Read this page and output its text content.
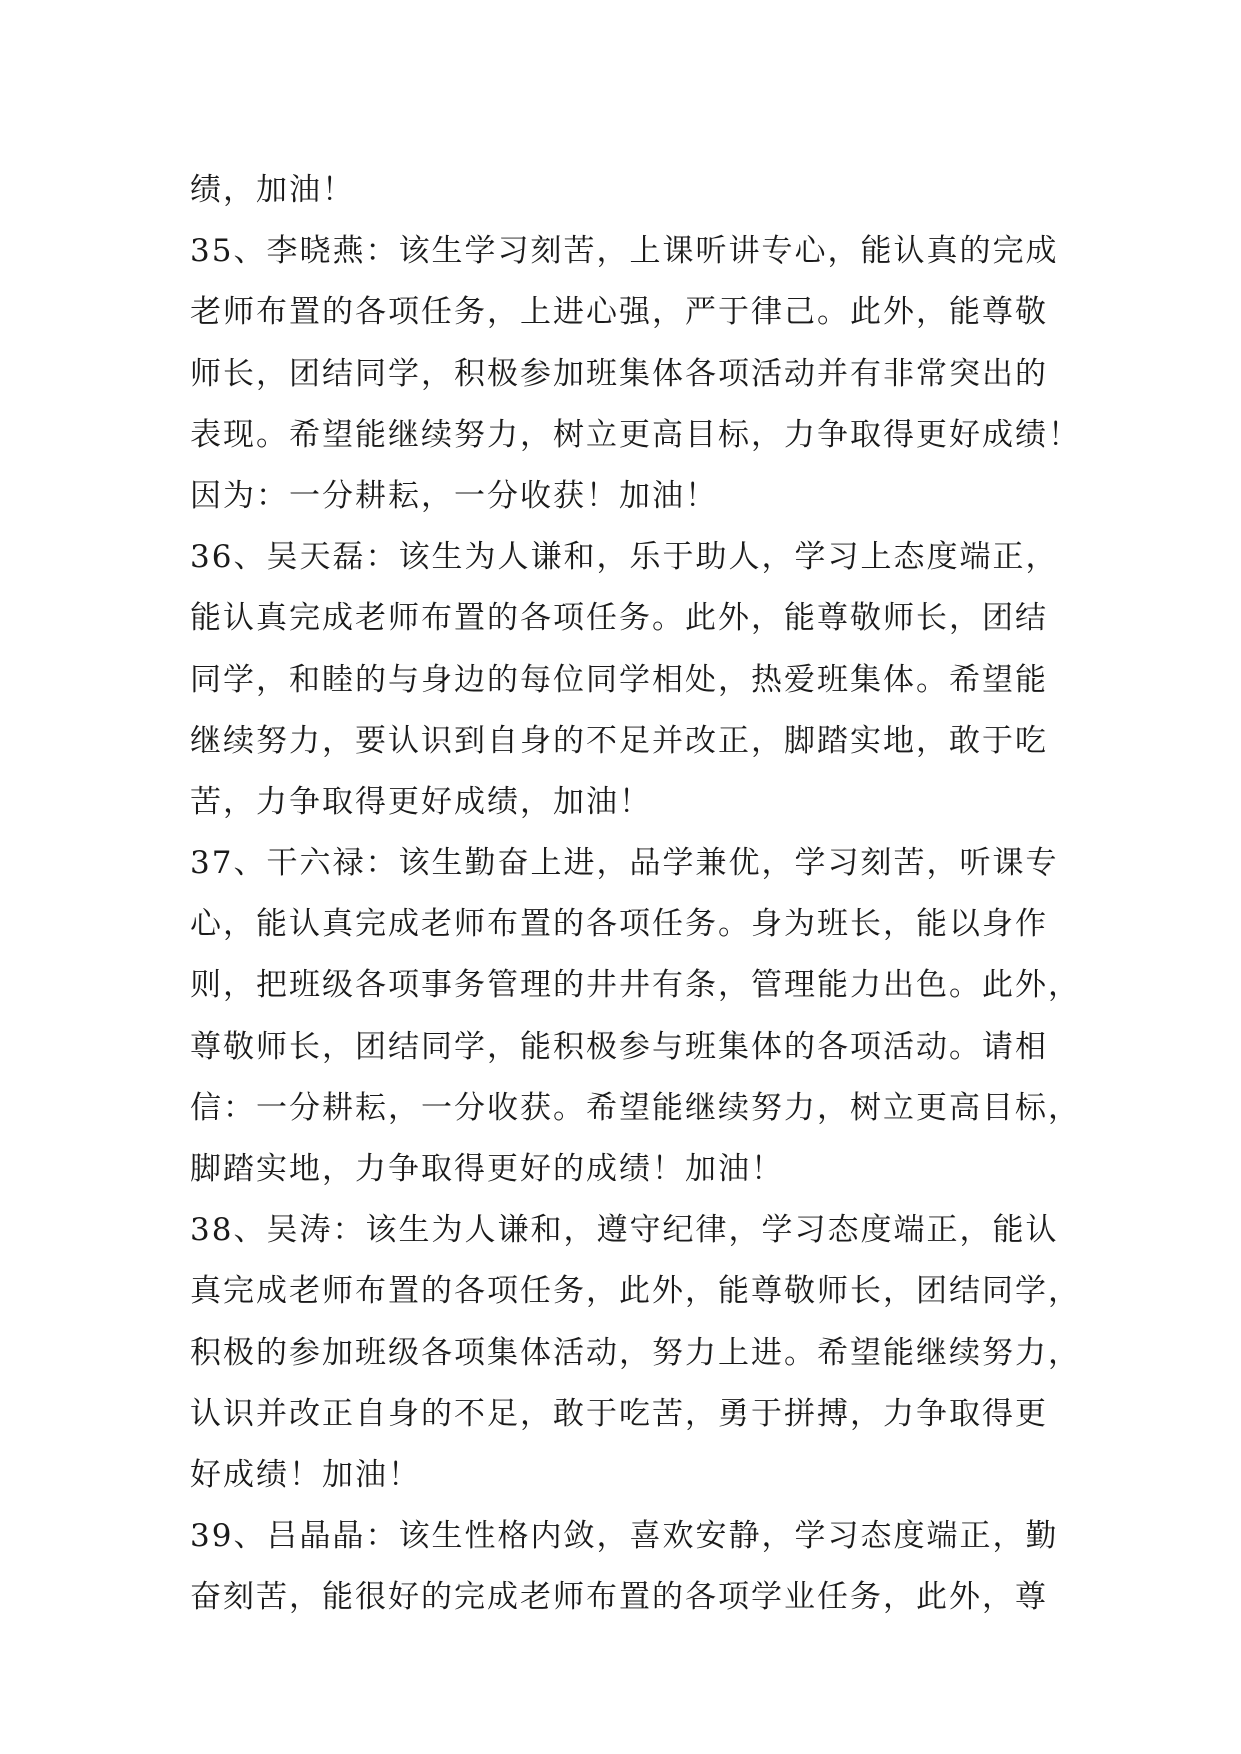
绩，加油！
35、李晓燕：该生学习刻苦，上课听讲专心，能认真的完成
老师布置的各项任务，上进心强，严于律己。此外，能尊敬
师长，团结同学，积极参加班集体各项活动并有非常突出的
表现。希望能继续努力，树立更高目标，力争取得更好成绩！
因为：一分耕耘，一分收获！加油！
36、吴天磊：该生为人谦和，乐于助人，学习上态度端正，
能认真完成老师布置的各项任务。此外，能尊敬师长，团结
同学，和睦的与身边的每位同学相处，热爱班集体。希望能
继续努力，要认识到自身的不足并改正，脚踏实地，敢于吃
苦，力争取得更好成绩，加油！
37、干六禄：该生勤奋上进，品学兼优，学习刻苦，听课专
心，能认真完成老师布置的各项任务。身为班长，能以身作
则，把班级各项事务管理的井井有条，管理能力出色。此外，
尊敬师长，团结同学，能积极参与班集体的各项活动。请相
信：一分耕耘，一分收获。希望能继续努力，树立更高目标，
脚踏实地，力争取得更好的成绩！加油！
38、吴涛：该生为人谦和，遵守纪律，学习态度端正，能认
真完成老师布置的各项任务，此外，能尊敬师长，团结同学，
积极的参加班级各项集体活动，努力上进。希望能继续努力，
认识并改正自身的不足，敢于吃苦，勇于拼搏，力争取得更
好成绩！加油！
39、吕晶晶：该生性格内敛，喜欢安静，学习态度端正，勤
奋刻苦，能很好的完成老师布置的各项学业任务，此外，尊
